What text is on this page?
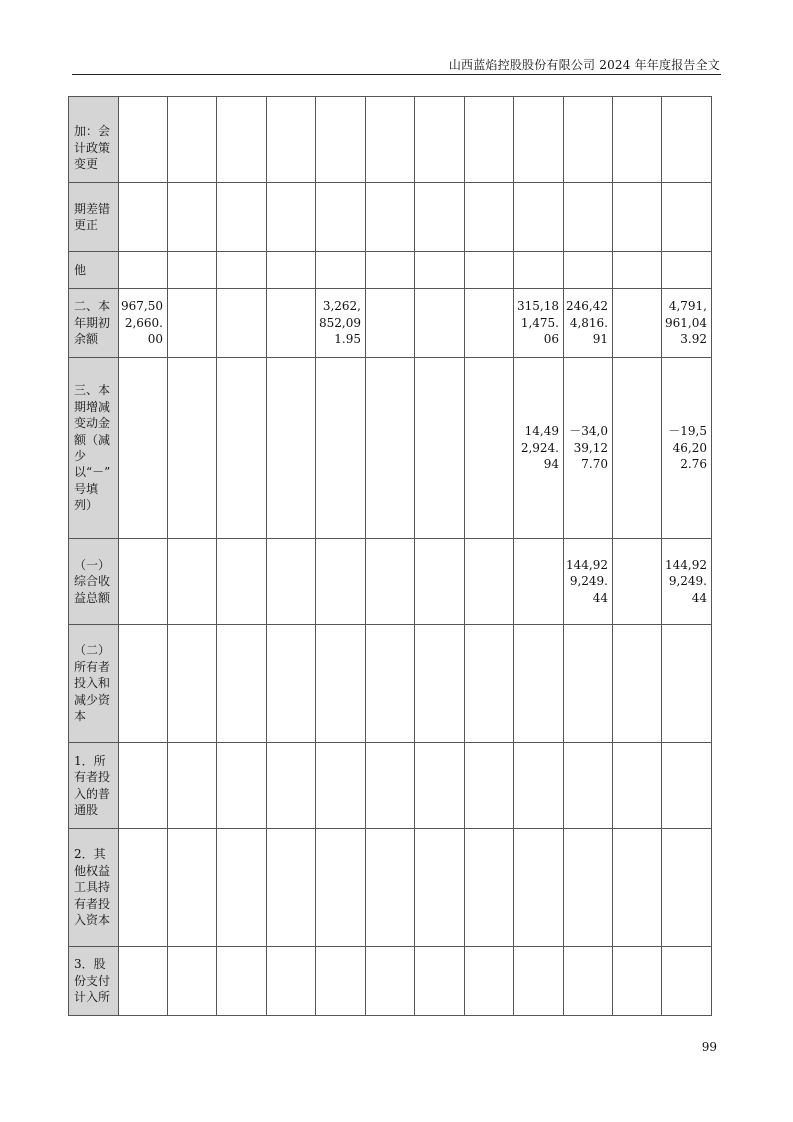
山西蓝焰控股股份有限公司 2024 年年度报告全文
　　加：会计政策变更												
期差错更正												
他												
二、本年期初余额	967,502,660.00				3,262,852,091.95				315,181,475.06	246,424,816.91		4,791,961,043.92
三、本期增减变动金额（减少以“－”号填列）									14,492,924.94	－34,039,127.70		－19,546,202.76
（一）综合收益总额										144,929,249.44		144,929,249.44
（二）所有者投入和减少资本												
1．所有者投入的普通股												
2．其他权益工具持有者投入资本												
3．股份支付计入所												
99
